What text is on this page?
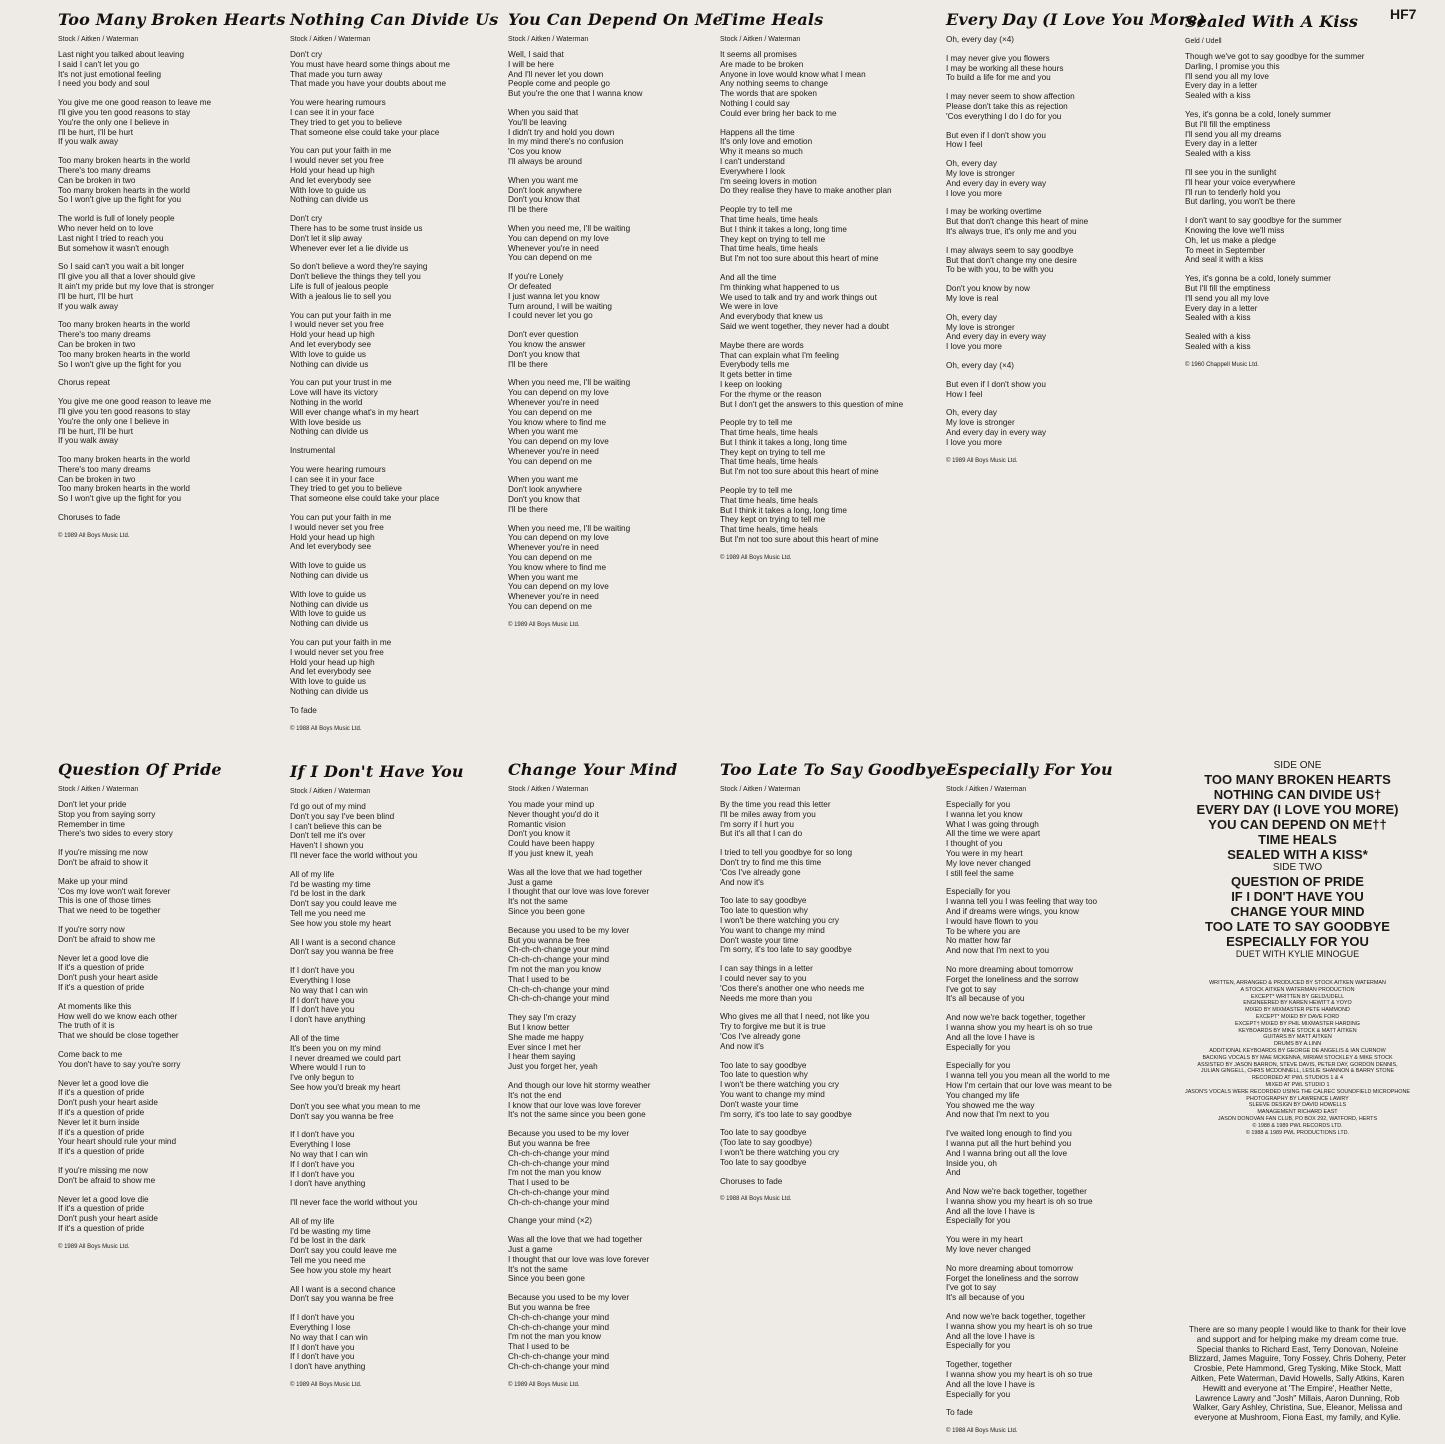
HF7
Too Many Broken Hearts
Stock / Aitken / Waterman
Last night you talked about leaving
I said I can't let you go
It's not just emotional feeling
I need you body and soul
You give me one good reason to leave me
I'll give you ten good reasons to stay
You're the only one I believe in
I'll be hurt, I'll be hurt
If you walk away
Too many broken hearts in the world
There's too many dreams
Can be broken in two
Too many broken hearts in the world
So I won't give up the fight for you
The world is full of lonely people
Who never held on to love
Last night I tried to reach you
But somehow it wasn't enough
So I said can't you wait a bit longer
I'll give you all that a lover should give
It ain't my pride but my love that is stronger
I'll be hurt, I'll be hurt
If you walk away
Too many broken hearts in the world
There's too many dreams
Can be broken in two
Too many broken hearts in the world
So I won't give up the fight for you
Chorus repeat
You give me one good reason to leave me
I'll give you ten good reasons to stay
You're the only one I believe in
I'll be hurt, I'll be hurt
If you walk away
Too many broken hearts in the world
There's too many dreams
Can be broken in two
Too many broken hearts in the world
So I won't give up the fight for you
Choruses to fade
© 1989 All Boys Music Ltd.
Nothing Can Divide Us
Stock / Aitken / Waterman
Don't cry
You must have heard some things about me
That made you turn away
That made you have your doubts about me
You were hearing rumours
I can see it in your face
They tried to get you to believe
That someone else could take your place
You can put your faith in me
I would never set you free
Hold your head up high
And let everybody see
With love to guide us
Nothing can divide us
Don't cry
There has to be some trust inside us
Don't let it slip away
Whenever ever let a lie divide us
So don't believe a word they're saying
Don't believe the things they tell you
Life is full of jealous people
With a jealous lie to sell you
You can put your faith in me
I would never set you free
Hold your head up high
And let everybody see
With love to guide us
Nothing can divide us
You can put your trust in me
Love will have its victory
Nothing in the world
Will ever change what's in my heart
With love beside us
Nothing can divide us
Instrumental
You were hearing rumours
I can see it in your face
They tried to get you to believe
That someone else could take your place
You can put your faith in me
I would never set you free
Hold your head up high
And let everybody see
With love to guide us
Nothing can divide us
With love to guide us
Nothing can divide us
With love to guide us
Nothing can divide us
You can put your faith in me
I would never set you free
Hold your head up high
And let everybody see
With love to guide us
Nothing can divide us
To fade
© 1988 All Boys Music Ltd.
You Can Depend On Me
Stock / Aitken / Waterman
Well, I said that
I will be here
And I'll never let you down
People come and people go
But you're the one that I wanna know
When you said that
You'll be leaving
I didn't try and hold you down
In my mind there's no confusion
'Cos you know
I'll always be around
When you want me
Don't look anywhere
Don't you know that
I'll be there
When you need me, I'll be waiting
You can depend on my love
Whenever you're in need
You can depend on me
If you're Lonely
Or defeated
I just wanna let you know
Turn around, I will be waiting
I could never let you go
Don't ever question
You know the answer
Don't you know that
I'll be there
When you need me, I'll be waiting
You can depend on my love
Whenever you're in need
You can depend on me
You know where to find me
When you want me
You can depend on my love
Whenever you're in need
You can depend on me
When you want me
Don't look anywhere
Don't you know that
I'll be there
When you need me, I'll be waiting
You can depend on my love
Whenever you're in need
You can depend on me
You know where to find me
When you want me
You can depend on my love
Whenever you're in need
You can depend on me
© 1989 All Boys Music Ltd.
Time Heals
Stock / Aitken / Waterman
It seems all promises
Are made to be broken
Anyone in love would know what I mean
Any nothing seems to change
The words that are spoken
Nothing I could say
Could ever bring her back to me
Happens all the time
It's only love and emotion
Why it means so much
I can't understand
Everywhere I look
I'm seeing lovers in motion
Do they realise they have to make another plan
People try to tell me
That time heals, time heals
But I think it takes a long, long time
They kept on trying to tell me
That time heals, time heals
But I'm not too sure about this heart of mine
And all the time
I'm thinking what happened to us
We used to talk and try and work things out
We were in love
And everybody that knew us
Said we went together, they never had a doubt
Maybe there are words
That can explain what I'm feeling
Everybody tells me
It gets better in time
I keep on looking
For the rhyme or the reason
But I don't get the answers to this question of mine
People try to tell me
That time heals, time heals
But I think it takes a long, long time
They kept on trying to tell me
That time heals, time heals
But I'm not too sure about this heart of mine
People try to tell me
That time heals, time heals
But I think it takes a long, long time
They kept on trying to tell me
That time heals, time heals
But I'm not too sure about this heart of mine
© 1989 All Boys Music Ltd.
Every Day (I Love You More)
Oh, every day (×4)
I may never give you flowers
I may be working all these hours
To build a life for me and you
I may never seem to show affection
Please don't take this as rejection
'Cos everything I do I do for you
But even if I don't show you
How I feel
Oh, every day
My love is stronger
And every day in every way
I love you more
I may be working overtime
But that don't change this heart of mine
It's always true, it's only me and you
I may always seem to say goodbye
But that don't change my one desire
To be with you, to be with you
Don't you know by now
My love is real
Oh, every day
My love is stronger
And every day in every way
I love you more
Oh, every day (×4)
But even if I don't show you
How I feel
Oh, every day
My love is stronger
And every day in every way
I love you more
© 1989 All Boys Music Ltd.
Sealed With A Kiss
Geld / Udell
Though we've got to say goodbye for the summer
Darling, I promise you this
I'll send you all my love
Every day in a letter
Sealed with a kiss
Yes, it's gonna be a cold, lonely summer
But I'll fill the emptiness
I'll send you all my dreams
Every day in a letter
Sealed with a kiss
I'll see you in the sunlight
I'll hear your voice everywhere
I'll run to tenderly hold you
But darling, you won't be there
I don't want to say goodbye for the summer
Knowing the love we'll miss
Oh, let us make a pledge
To meet in September
And seal it with a kiss
Yes, it's gonna be a cold, lonely summer
But I'll fill the emptiness
I'll send you all my love
Every day in a letter
Sealed with a kiss
Sealed with a kiss
Sealed with a kiss
© 1960 Chappell Music Ltd.
Question Of Pride
Stock / Aitken / Waterman
Don't let your pride
Stop you from saying sorry
Remember in time
There's two sides to every story
If you're missing me now
Don't be afraid to show it
Make up your mind
'Cos my love won't wait forever
This is one of those times
That we need to be together
If you're sorry now
Don't be afraid to show me
Never let a good love die
If it's a question of pride
Don't push your heart aside
If it's a question of pride
At moments like this
How well do we know each other
The truth of it is
That we should be close together
Come back to me
You don't have to say you're sorry
Never let a good love die
If it's a question of pride
Don't push your heart aside
If it's a question of pride
Never let it burn inside
If it's a question of pride
Your heart should rule your mind
If it's a question of pride
If you're missing me now
Don't be afraid to show me
Never let a good love die
If it's a question of pride
Don't push your heart aside
If it's a question of pride
© 1989 All Boys Music Ltd.
If I Don't Have You
Stock / Aitken / Waterman
I'd go out of my mind
Don't you say I've been blind
I can't believe this can be
Don't tell me it's over
Haven't I shown you
I'll never face the world without you
All of my life
I'd be wasting my time
I'd be lost in the dark
Don't say you could leave me
Tell me you need me
See how you stole my heart
All I want is a second chance
Don't say you wanna be free
If I don't have you
Everything I lose
No way that I can win
If I don't have you
If I don't have you
I don't have anything
All of the time
It's been you on my mind
I never dreamed we could part
Where would I run to
I've only begun to
See how you'd break my heart
Don't you see what you mean to me
Don't say you wanna be free
If I don't have you
Everything I lose
No way that I can win
If I don't have you
If I don't have you
I don't have anything
I'll never face the world without you
All of my life
I'd be wasting my time
I'd be lost in the dark
Don't say you could leave me
Tell me you need me
See how you stole my heart
All I want is a second chance
Don't say you wanna be free
If I don't have you
Everything I lose
No way that I can win
If I don't have you
If I don't have you
I don't have anything
© 1989 All Boys Music Ltd.
Change Your Mind
Stock / Aitken / Waterman
You made your mind up
Never thought you'd do it
Romantic vision
Don't you know it
Could have been happy
If you just knew it, yeah
Was all the love that we had together
Just a game
I thought that our love was love forever
It's not the same
Since you been gone
Because you used to be my lover
But you wanna be free
Ch-ch-ch-change your mind
Ch-ch-ch-change your mind
I'm not the man you know
That I used to be
Ch-ch-ch-change your mind
Ch-ch-ch-change your mind
They say I'm crazy
But I know better
She made me happy
Ever since I met her
I hear them saying
Just you forget her, yeah
And though our love hit stormy weather
It's not the end
I know that our love was love forever
It's not the same since you been gone
Because you used to be my lover
But you wanna be free
Ch-ch-ch-change your mind
Ch-ch-ch-change your mind
I'm not the man you know
That I used to be
Ch-ch-ch-change your mind
Ch-ch-ch-change your mind
Change your mind (×2)
Was all the love that we had together
Just a game
I thought that our love was love forever
It's not the same
Since you been gone
Because you used to be my lover
But you wanna be free
Ch-ch-ch-change your mind
Ch-ch-ch-change your mind
I'm not the man you know
That I used to be
Ch-ch-ch-change your mind
Ch-ch-ch-change your mind
© 1989 All Boys Music Ltd.
Too Late To Say Goodbye
Stock / Aitken / Waterman
By the time you read this letter
I'll be miles away from you
I'm sorry if I hurt you
But it's all that I can do
I tried to tell you goodbye for so long
Don't try to find me this time
'Cos I've already gone
And now it's
Too late to say goodbye
Too late to question why
I won't be there watching you cry
You want to change my mind
Don't waste your time
I'm sorry, it's too late to say goodbye
I can say things in a letter
I could never say to you
'Cos there's another one who needs me
Needs me more than you
Who gives me all that I need, not like you
Try to forgive me but it is true
'Cos I've already gone
And now it's
Too late to say goodbye
Too late to question why
I won't be there watching you cry
You want to change my mind
Don't waste your time
I'm sorry, it's too late to say goodbye
Too late to say goodbye
(Too late to say goodbye)
I won't be there watching you cry
Too late to say goodbye
Choruses to fade
© 1988 All Boys Music Ltd.
Especially For You
Stock / Aitken / Waterman
Especially for you
I wanna let you know
What I was going through
All the time we were apart
I thought of you
You were in my heart
My love never changed
I still feel the same
Especially for you
I wanna tell you I was feeling that way too
And if dreams were wings, you know
I would have flown to you
To be where you are
No matter how far
And now that I'm next to you
No more dreaming about tomorrow
Forget the loneliness and the sorrow
I've got to say
It's all because of you
And now we're back together, together
I wanna show you my heart is oh so true
And all the love I have is
Especially for you
Especially for you
I wanna tell you you mean all the world to me
How I'm certain that our love was meant to be
You changed my life
You showed me the way
And now that I'm next to you
I've waited long enough to find you
I wanna put all the hurt behind you
And I wanna bring out all the love
Inside you, oh
And
And Now we're back together, together
I wanna show you my heart is oh so true
And all the love I have is
Especially for you
You were in my heart
My love never changed
No more dreaming about tomorrow
Forget the loneliness and the sorrow
I've got to say
It's all because of you
And now we're back together, together
I wanna show you my heart is oh so true
And all the love I have is
Especially for you
Together, together
I wanna show you my heart is oh so true
And all the love I have is
Especially for you
To fade
© 1988 All Boys Music Ltd.
SIDE ONE
TOO MANY BROKEN HEARTS
NOTHING CAN DIVIDE US†
EVERY DAY (I LOVE YOU MORE)
YOU CAN DEPEND ON ME††
TIME HEALS
SEALED WITH A KISS*
SIDE TWO
QUESTION OF PRIDE
IF I DON'T HAVE YOU
CHANGE YOUR MIND
TOO LATE TO SAY GOODBYE
ESPECIALLY FOR YOU
DUET WITH KYLIE MINOGUE
WRITTEN, ARRANGED & PRODUCED BY STOCK AITKEN WATERMAN
A STOCK AITKEN WATERMAN PRODUCTION
EXCEPT* WRITTEN BY GELD/UDELL
ENGINEERED BY KAREN HEWITT & YOYO
MIXED BY MIXMASTER PETE HAMMOND
EXCEPT* MIXED BY DAVE FORD
EXCEPT† MIXED BY PHIL MIXMASTER HARDING
KEYBOARDS BY MIKE STOCK & MATT AITKEN
GUITARS BY MATT AITKEN
DRUMS BY A.LINN
ADDITIONAL KEYBOARDS BY GEORGE DE ANGELIS & IAN CURNOW
BACKING VOCALS BY MAE MCKENNA, MIRIAM STOCKLEY & MIKE STOCK
ASSISTED BY JASON BARRON, STEVE DAVIS, PETER DAY, GORDON DENNIS,
JULIAN GINGELL, CHRIS MCDONNELL, LESLIE SHANNON & BARRY STONE
RECORDED AT PWL STUDIOS 1 & 4
MIXED AT PWL STUDIO 1
JASON'S VOCALS WERE RECORDED USING THE CALREC SOUNDFIELD MICROPHONE
PHOTOGRAPHY BY LAWRENCE LAWRY
SLEEVE DESIGN BY DAVID HOWELLS
MANAGEMENT RICHARD EAST
JASON DONOVAN FAN CLUB, PO BOX 292, WATFORD, HERTS
© 1988 & 1989 PWL RECORDS LTD.
© 1988 & 1989 PWL PRODUCTIONS LTD.
There are so many people I would like to thank for their love and support and for helping make my dream come true. Special thanks to Richard East, Terry Donovan, Noleine Blizzard, James Maguire, Tony Fossey, Chris Doheny, Peter Crosbie, Pete Hammond, Greg Tysking, Mike Stock, Matt Aitken, Pete Waterman, David Howells, Sally Atkins, Karen Hewitt and everyone at 'The Empire', Heather Nette, Lawrence Lawry and "Josh" Millais, Aaron Dunning, Rob Walker, Gary Ashley, Christina, Sue, Eleanor, Melissa and everyone at Mushroom, Fiona East, my family, and Kylie.
